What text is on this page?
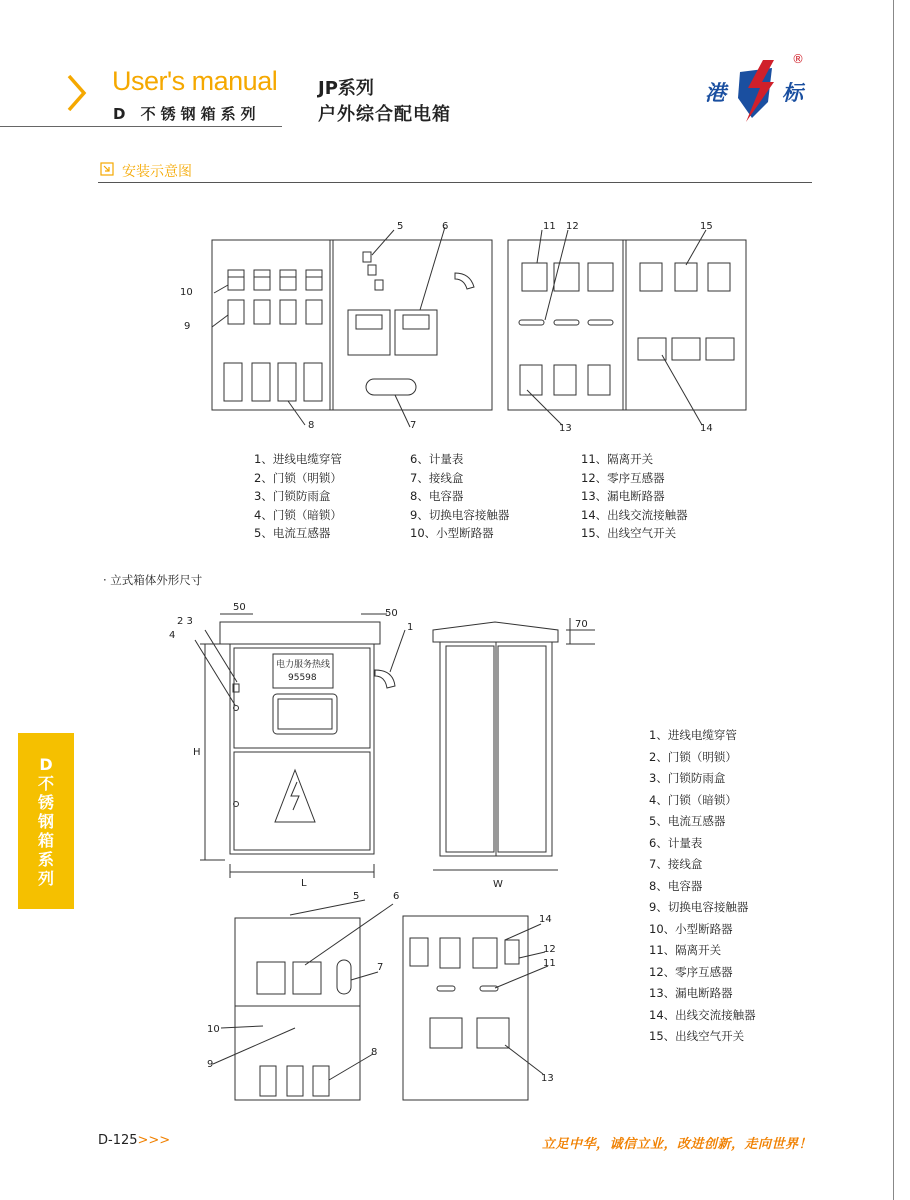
User's manual
D 不锈钢箱系列
JP系列
户外综合配电箱
港	标
®
安装示意图
5	6
10
9
8	7
11 12	15
13	14
1、进线电缆穿管
2、门锁（明锁）
3、门锁防雨盒
4、门锁（暗锁）
5、电流互感器
6、计量表
7、接线盒
8、电容器
9、切换电容接触器
10、小型断路器
11、隔离开关
12、零序互感器
13、漏电断路器
14、出线交流接触器
15、出线空气开关
· 立式箱体外形尺寸
50
50
2 3
4
1
H
L
电力服务热线
95598
70
W
5	6
7
10
9
8
14
12
11
13
1、进线电缆穿管
2、门锁（明锁）
3、门锁防雨盒
4、门锁（暗锁）
5、电流互感器
6、计量表
7、接线盒
8、电容器
9、切换电容接触器
10、小型断路器
11、隔离开关
12、零序互感器
13、漏电断路器
14、出线交流接触器
15、出线空气开关
D
不
锈
钢
箱
系
列
D-125>>>	立足中华，诚信立业，改进创新，走向世界！
